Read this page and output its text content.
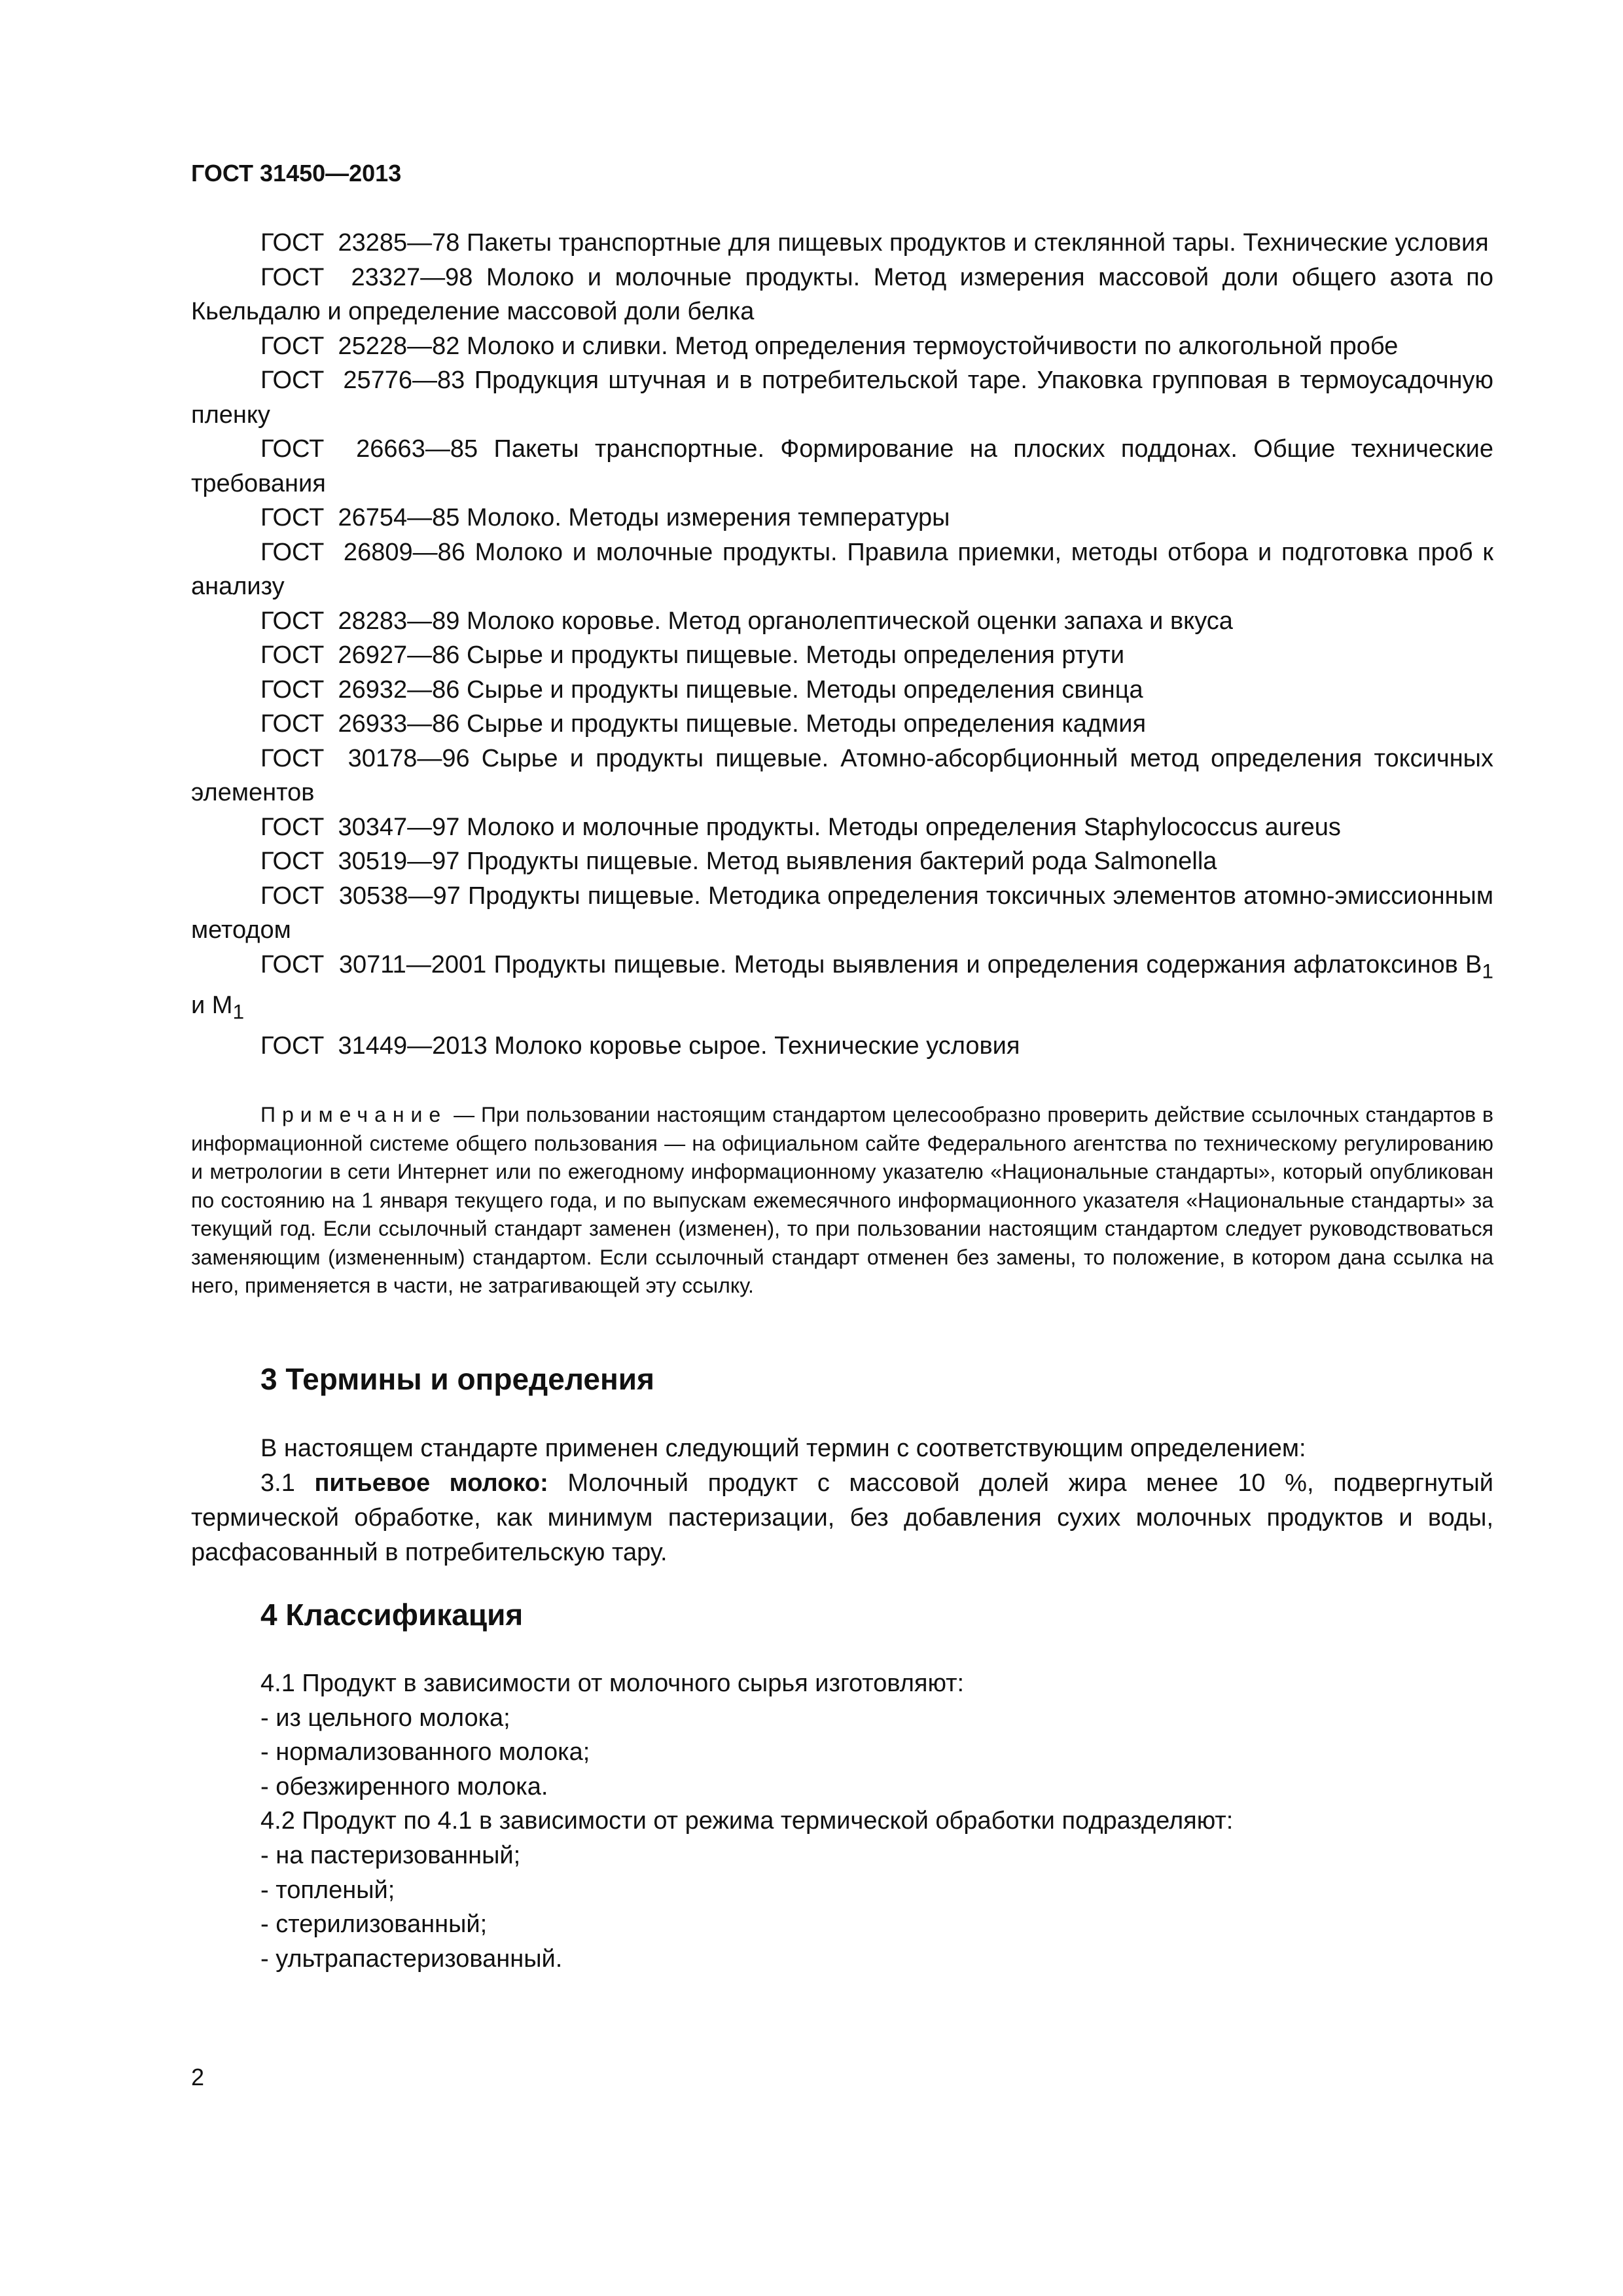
ГОСТ 31450—2013

ГОСТ  23285—78 Пакеты транспортные для пищевых продуктов и стеклянной тары. Технические условия

ГОСТ  23327—98 Молоко и молочные продукты. Метод измерения массовой доли общего азота по Кьельдалю и определение массовой доли белка

ГОСТ  25228—82 Молоко и сливки. Метод определения термоустойчивости по алкогольной пробе

ГОСТ  25776—83 Продукция штучная и в потребительской таре. Упаковка групповая в термоусадочную пленку

ГОСТ  26663—85 Пакеты транспортные. Формирование на плоских поддонах. Общие технические требования

ГОСТ  26754—85 Молоко. Методы измерения температуры

ГОСТ  26809—86 Молоко и молочные продукты. Правила приемки, методы отбора и подготовка проб к анализу

ГОСТ  28283—89 Молоко коровье. Метод органолептической оценки запаха и вкуса

ГОСТ  26927—86 Сырье и продукты пищевые. Методы определения ртути

ГОСТ  26932—86 Сырье и продукты пищевые. Методы определения свинца

ГОСТ  26933—86 Сырье и продукты пищевые. Методы определения кадмия

ГОСТ  30178—96 Сырье и продукты пищевые. Атомно-абсорбционный метод определения токсичных элементов

ГОСТ  30347—97 Молоко и молочные продукты. Методы определения Staphylococcus aureus

ГОСТ  30519—97 Продукты пищевые. Метод выявления бактерий рода Salmonella

ГОСТ  30538—97 Продукты пищевые. Методика определения токсичных элементов атомно-эмиссионным методом

ГОСТ  30711—2001 Продукты пищевые. Методы выявления и определения содержания афлатоксинов $B_1$ и $M_1$

ГОСТ  31449—2013 Молоко коровье сырое. Технические условия

Примечание — При пользовании настоящим стандартом целесообразно проверить действие ссылочных стандартов в информационной системе общего пользования — на официальном сайте Федерального агентства по техническому регулированию и метрологии в сети Интернет или по ежегодному информационному указателю «Национальные стандарты», который опубликован по состоянию на 1 января текущего года, и по выпускам ежемесячного информационного указателя «Национальные стандарты» за текущий год. Если ссылочный стандарт заменен (изменен), то при пользовании настоящим стандартом следует руководствоваться заменяющим (измененным) стандартом. Если ссылочный стандарт отменен без замены, то положение, в котором дана ссылка на него, применяется в части, не затрагивающей эту ссылку.

3 Термины и определения

В настоящем стандарте применен следующий термин с соответствующим определением:

3.1 питьевое молоко: Молочный продукт с массовой долей жира менее 10 %, подвергнутый термической обработке, как минимум пастеризации, без добавления сухих молочных продуктов и воды, расфасованный в потребительскую тару.

4 Классификация
4.1 Продукт в зависимости от молочного сырья изготовляют:
- из цельного молока;
- нормализованного молока;
- обезжиренного молока.
4.2 Продукт по 4.1 в зависимости от режима термической обработки подразделяют:
- на пастеризованный;
- топленый;
- стерилизованный;
- ультрапастеризованный.
2
